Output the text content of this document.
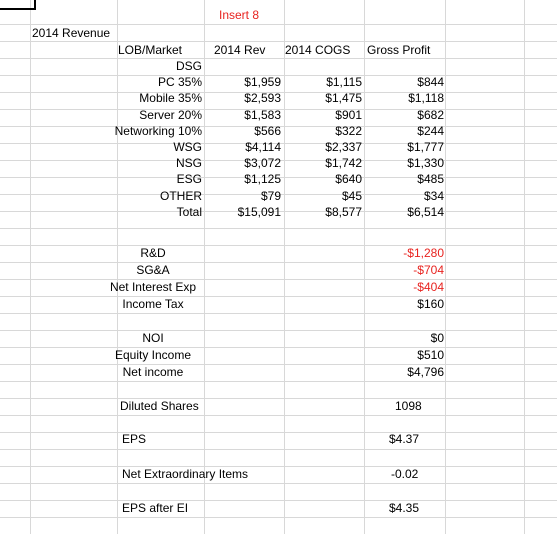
Insert 8
2014 Revenue
LOB/Market	2014 Rev	2014 COGS	Gross Profit
DSG
PC 35%	$1,959	$1,115	$844
Mobile 35%	$2,593	$1,475	$1,118
Server 20%	$1,583	$901	$682
Networking 10%	$566	$322	$244
WSG	$4,114	$2,337	$1,777
NSG	$3,072	$1,742	$1,330
ESG	$1,125	$640	$485
OTHER	$79	$45	$34
Total	$15,091	$8,577	$6,514
R&D	-$1,280
SG&A	-$704
Net Interest Exp	-$404
Income Tax	$160
NOI	$0
Equity Income	$510
Net income	$4,796
Diluted Shares	1098
EPS	$4.37
Net Extraordinary Items	-0.02
EPS after EI	$4.35
